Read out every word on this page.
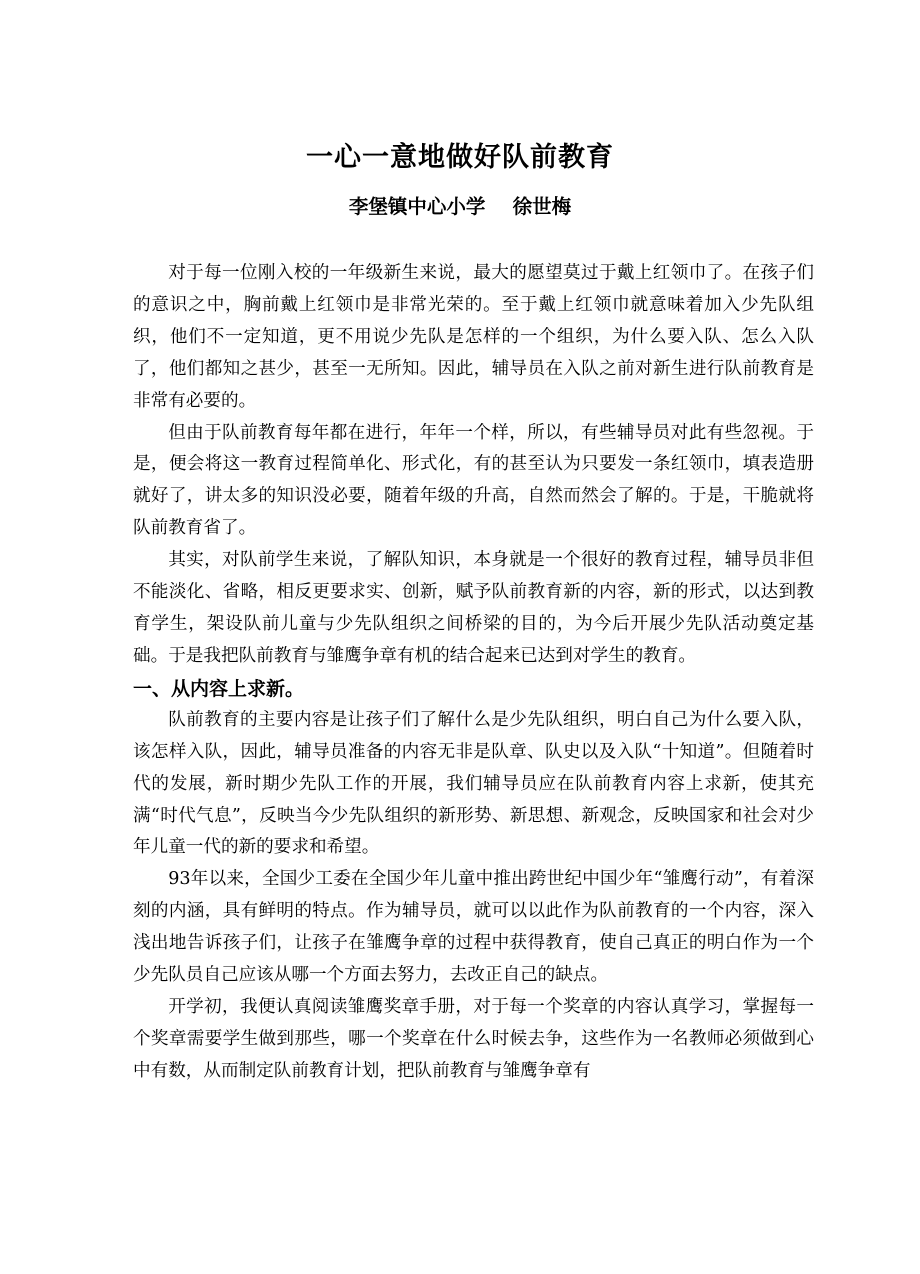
一心一意地做好队前教育
李堡镇中心小学    徐世梅

对于每一位刚入校的一年级新生来说，最大的愿望莫过于戴上红领巾了。在孩子们的意识之中，胸前戴上红领巾是非常光荣的。至于戴上红领巾就意味着加入少先队组织，他们不一定知道，更不用说少先队是怎样的一个组织，为什么要入队、怎么入队了，他们都知之甚少，甚至一无所知。因此，辅导员在入队之前对新生进行队前教育是非常有必要的。

但由于队前教育每年都在进行，年年一个样，所以，有些辅导员对此有些忽视。于是，便会将这一教育过程简单化、形式化，有的甚至认为只要发一条红领巾，填表造册就好了，讲太多的知识没必要，随着年级的升高，自然而然会了解的。于是，干脆就将队前教育省了。

其实，对队前学生来说，了解队知识，本身就是一个很好的教育过程，辅导员非但不能淡化、省略，相反更要求实、创新，赋予队前教育新的内容，新的形式，以达到教育学生，架设队前儿童与少先队组织之间桥梁的目的，为今后开展少先队活动奠定基础。于是我把队前教育与雏鹰争章有机的结合起来已达到对学生的教育。

一、从内容上求新。

队前教育的主要内容是让孩子们了解什么是少先队组织，明白自己为什么要入队，该怎样入队，因此，辅导员准备的内容无非是队章、队史以及入队“十知道”。但随着时代的发展，新时期少先队工作的开展，我们辅导员应在队前教育内容上求新，使其充满“时代气息”，反映当今少先队组织的新形势、新思想、新观念，反映国家和社会对少年儿童一代的新的要求和希望。

93年以来，全国少工委在全国少年儿童中推出跨世纪中国少年“雏鹰行动”，有着深刻的内涵，具有鲜明的特点。作为辅导员，就可以以此作为队前教育的一个内容，深入浅出地告诉孩子们，让孩子在雏鹰争章的过程中获得教育，使自己真正的明白作为一个少先队员自己应该从哪一个方面去努力，去改正自己的缺点。

开学初，我便认真阅读雏鹰奖章手册，对于每一个奖章的内容认真学习，掌握每一个奖章需要学生做到那些，哪一个奖章在什么时候去争，这些作为一名教师必须做到心中有数，从而制定队前教育计划，把队前教育与雏鹰争章有
